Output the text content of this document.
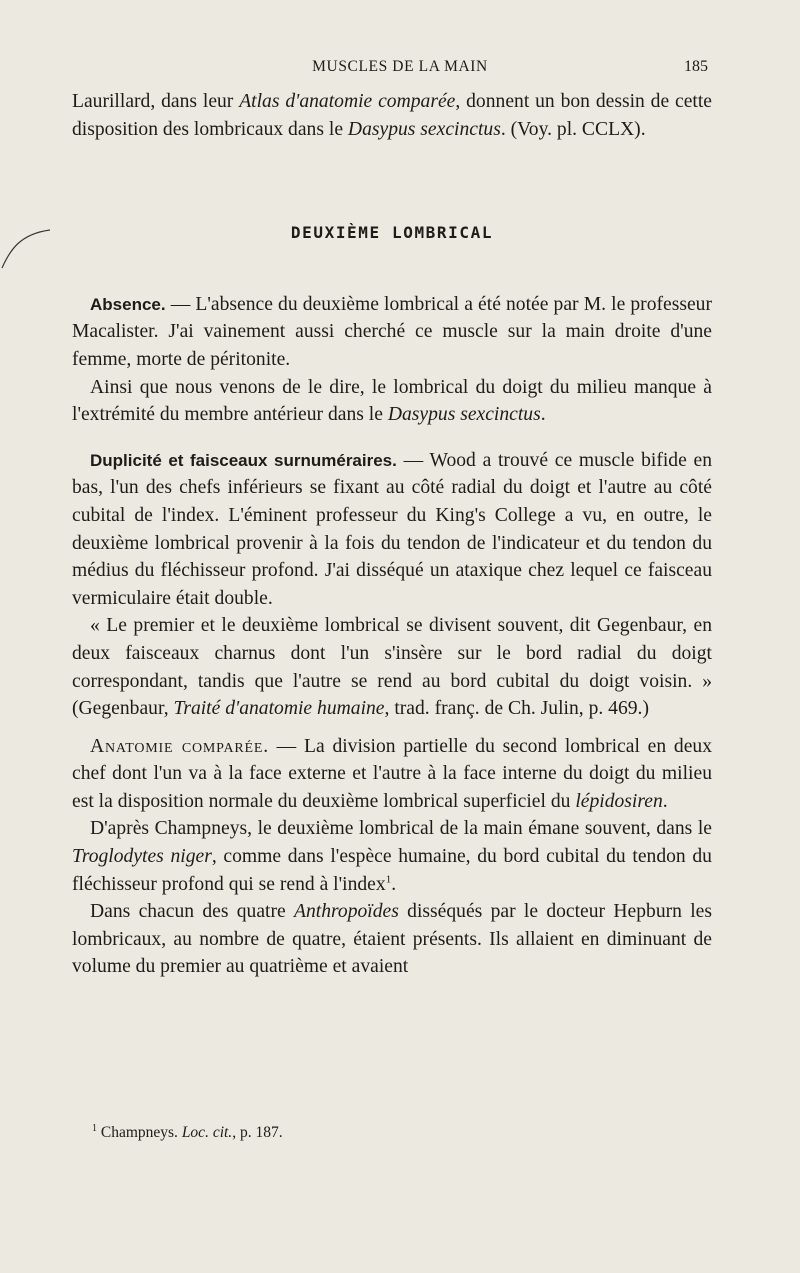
MUSCLES DE LA MAIN	185

Laurillard, dans leur Atlas d'anatomie comparée, donnent un bon dessin de cette disposition des lombricaux dans le Dasypus sexcinctus. (Voy. pl. CCLX).

DEUXIÈME LOMBRICAL

Absence. — L'absence du deuxième lombrical a été notée par M. le professeur Macalister. J'ai vainement aussi cherché ce muscle sur la main droite d'une femme, morte de péritonite.

Ainsi que nous venons de le dire, le lombrical du doigt du milieu manque à l'extrémité du membre antérieur dans le Dasypus sexcinctus.

Duplicité et faisceaux surnuméraires. — Wood a trouvé ce muscle bifide en bas, l'un des chefs inférieurs se fixant au côté radial du doigt et l'autre au côté cubital de l'index. L'éminent professeur du King's College a vu, en outre, le deuxième lombrical provenir à la fois du tendon de l'indicateur et du tendon du médius du fléchisseur profond. J'ai disséqué un ataxique chez lequel ce faisceau vermiculaire était double.

« Le premier et le deuxième lombrical se divisent souvent, dit Gegenbaur, en deux faisceaux charnus dont l'un s'insère sur le bord radial du doigt correspondant, tandis que l'autre se rend au bord cubital du doigt voisin. » (Gegenbaur, Traité d'anatomie humaine, trad. franç. de Ch. Julin, p. 469.)

Anatomie comparée. — La division partielle du second lombrical en deux chef dont l'un va à la face externe et l'autre à la face interne du doigt du milieu est la disposition normale du deuxième lombrical superficiel du lépidosiren.

D'après Champneys, le deuxième lombrical de la main émane souvent, dans le Troglodytes niger, comme dans l'espèce humaine, du bord cubital du tendon du fléchisseur profond qui se rend à l'index$^1$.

Dans chacun des quatre Anthropoïdes disséqués par le docteur Hepburn les lombricaux, au nombre de quatre, étaient présents. Ils allaient en diminuant de volume du premier au quatrième et avaient

$^1$ Champneys. Loc. cit., p. 187.
